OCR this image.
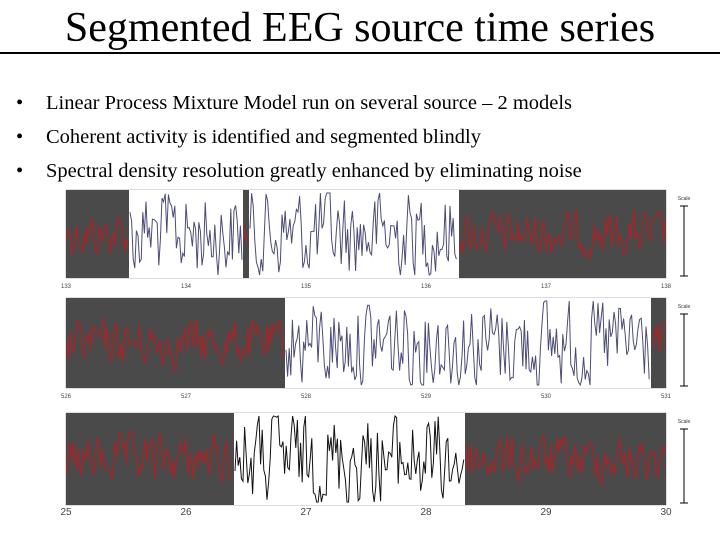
Segmented EEG source time series
• Linear Process Mixture Model run on several source – 2 models
• Coherent activity is identified and segmented blindly
• Spectral density resolution greatly enhanced by eliminating noise
133	134	135	136	137	138
Scale
526	527	528	529	530	531
Scale
25	26	27	28	29	30
Scale
